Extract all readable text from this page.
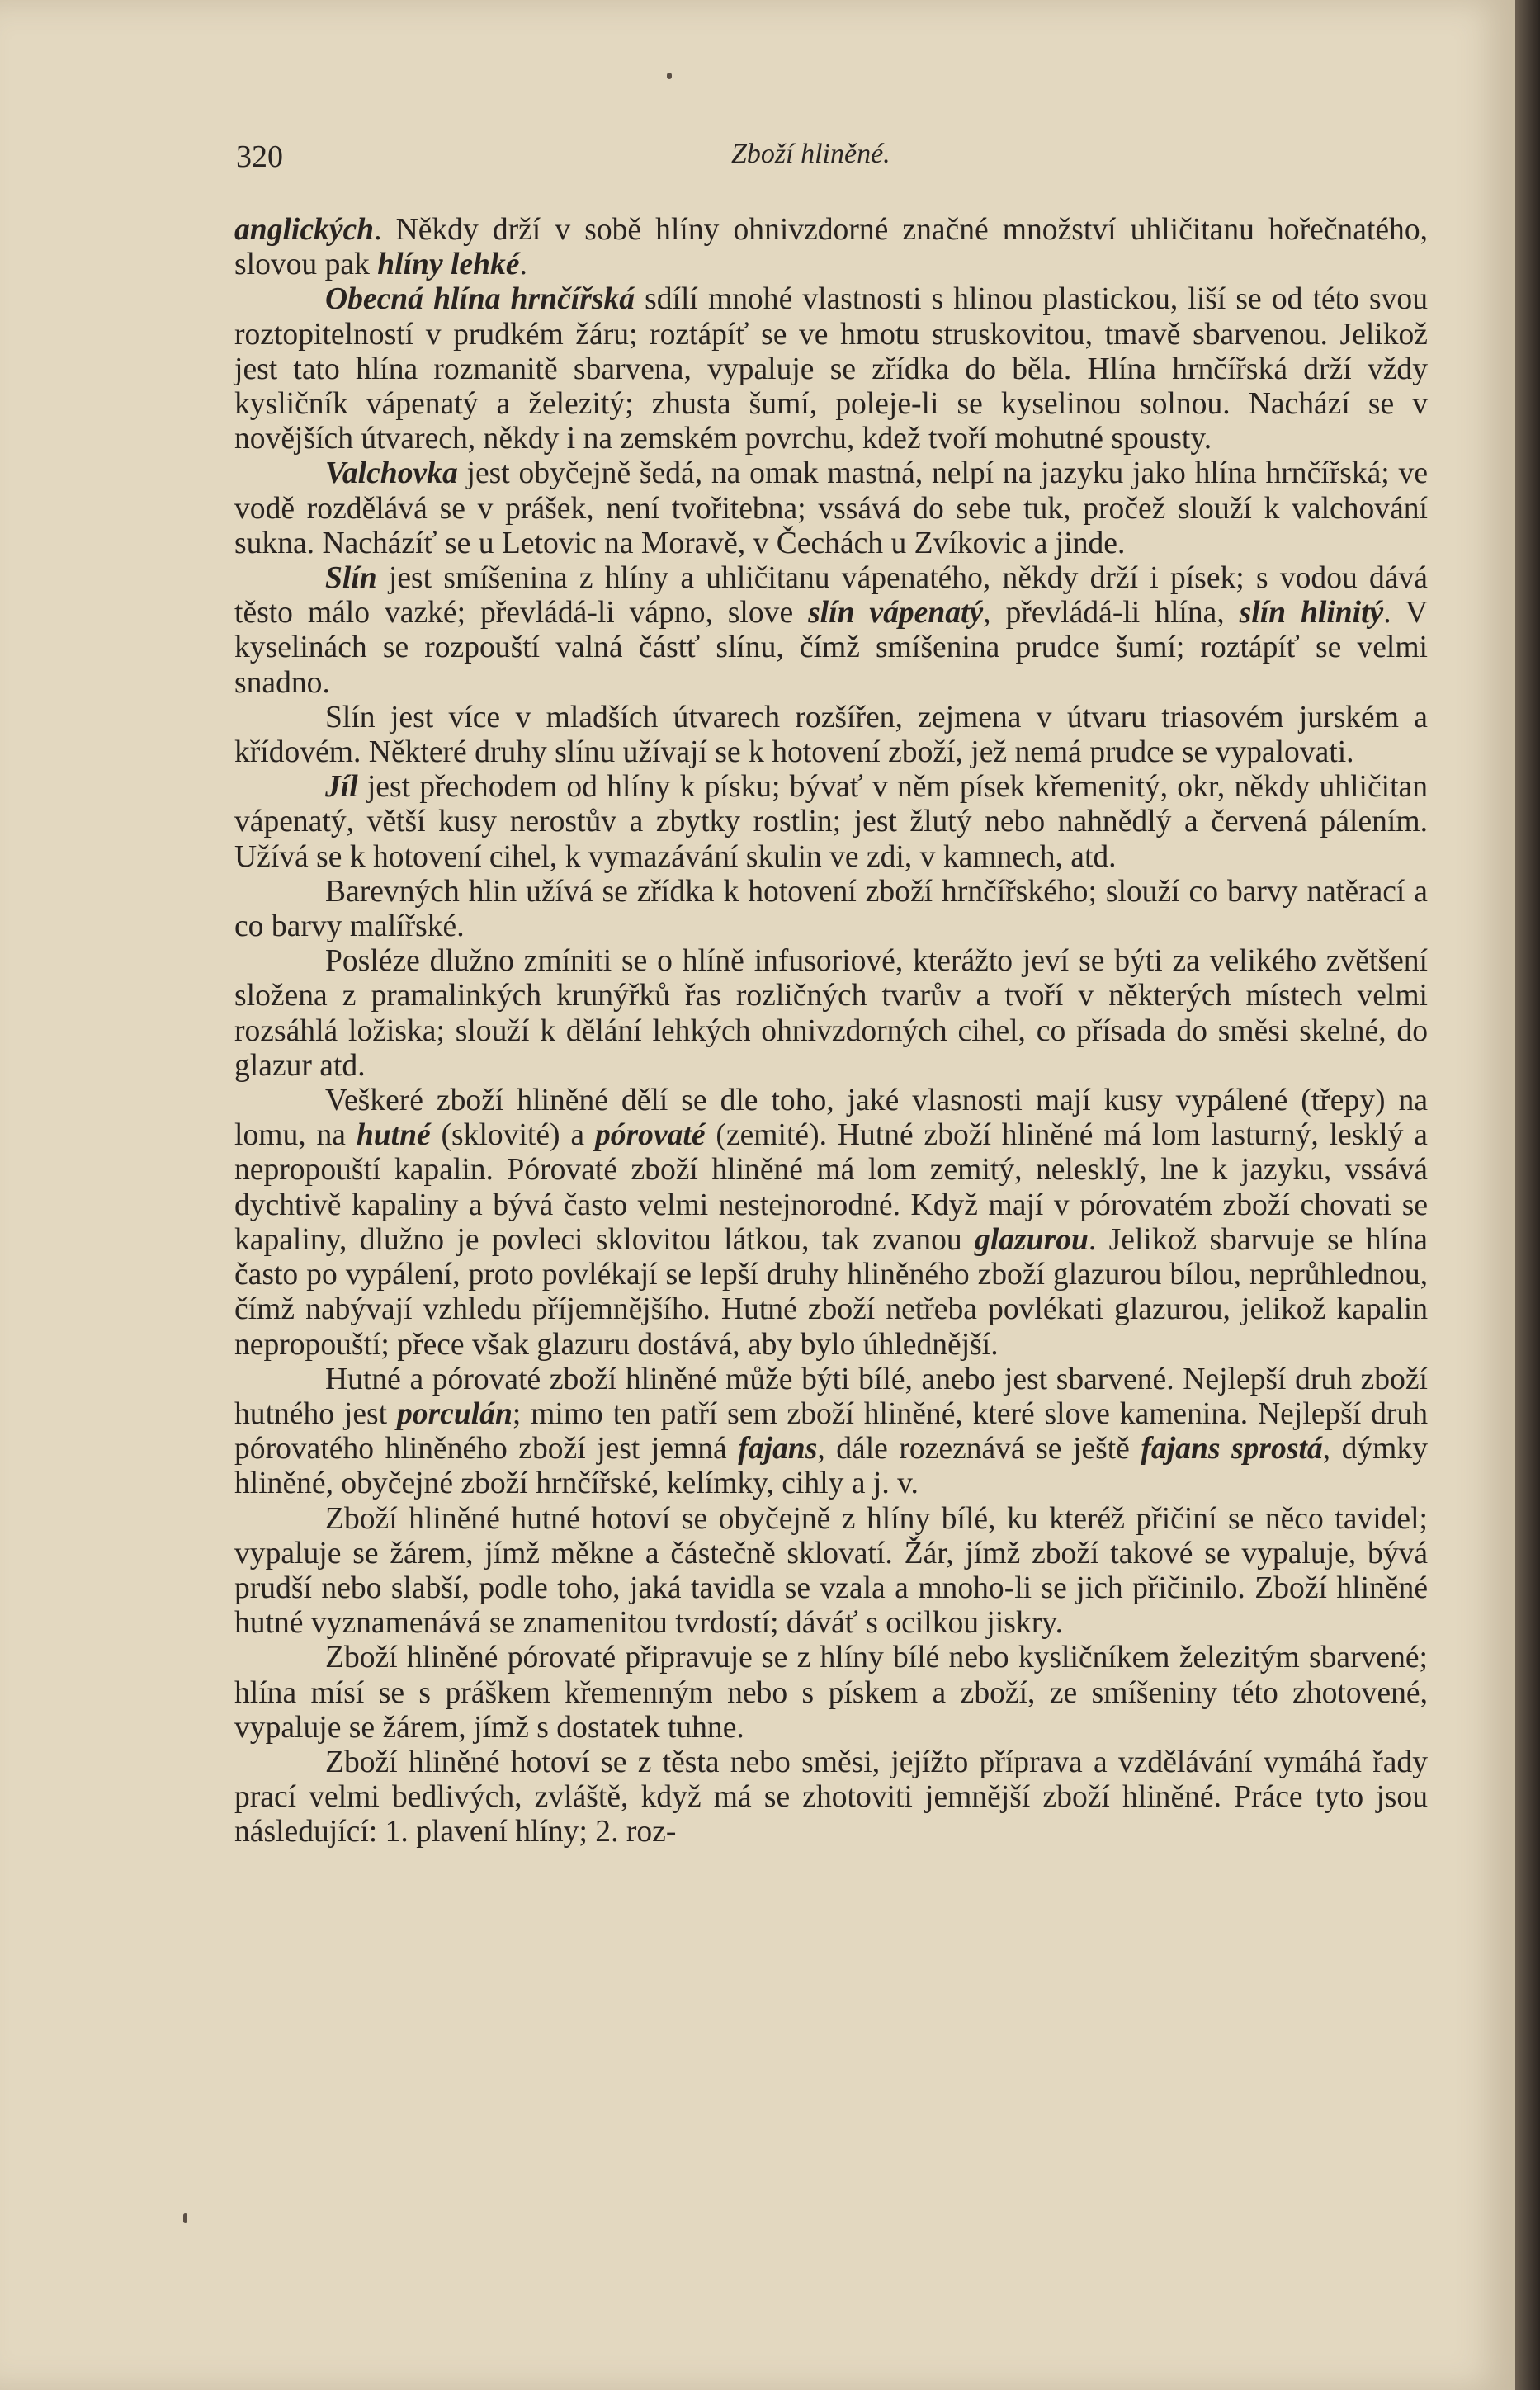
320	Zboží hliněné.

anglických. Někdy drží v sobě hlíny ohnivzdorné značné množství uhličitanu hořečnatého, slovou pak hlíny lehké.

Obecná hlína hrnčířská sdílí mnohé vlastnosti s hlinou plastickou, liší se od této svou roztopitelností v prudkém žáru; roztápíť se ve hmotu struskovitou, tmavě sbarvenou. Jelikož jest tato hlína rozmanitě sbarvena, vypaluje se zřídka do běla. Hlína hrnčířská drží vždy kysličník vápenatý a železitý; zhusta šumí, poleje-li se kyselinou solnou. Nachází se v novějších útvarech, někdy i na zemském povrchu, kdež tvoří mohutné spousty.

Valchovka jest obyčejně šedá, na omak mastná, nelpí na jazyku jako hlína hrnčířská; ve vodě rozdělává se v prášek, není tvořitebna; vssává do sebe tuk, pročež slouží k valchování sukna. Nacházíť se u Letovic na Moravě, v Čechách u Zvíkovic a jinde.

Slín jest smíšenina z hlíny a uhličitanu vápenatého, někdy drží i písek; s vodou dává těsto málo vazké; převládá-li vápno, slove slín vápenatý, převládá-li hlína, slín hlinitý. V kyselinách se rozpouští valná částť slínu, čímž smíšenina prudce šumí; roztápíť se velmi snadno.

Slín jest více v mladších útvarech rozšířen, zejmena v útvaru triasovém jurském a křídovém. Některé druhy slínu užívají se k hotovení zboží, jež nemá prudce se vypalovati.

Jíl jest přechodem od hlíny k písku; bývať v něm písek křemenitý, okr, někdy uhličitan vápenatý, větší kusy nerostův a zbytky rostlin; jest žlutý nebo nahnědlý a červená pálením. Užívá se k hotovení cihel, k vymazávání skulin ve zdi, v kamnech, atd.

Barevných hlin užívá se zřídka k hotovení zboží hrnčířského; slouží co barvy natěrací a co barvy malířské.

Posléze dlužno zmíniti se o hlíně infusoriové, kterážto jeví se býti za velikého zvětšení složena z pramalinkých krunýřků řas rozličných tvarův a tvoří v některých místech velmi rozsáhlá ložiska; slouží k dělání lehkých ohnivzdorných cihel, co přísada do směsi skelné, do glazur atd.

Veškeré zboží hliněné dělí se dle toho, jaké vlasnosti mají kusy vypálené (třepy) na lomu, na hutné (sklovité) a pórovaté (zemité). Hutné zboží hliněné má lom lasturný, lesklý a nepropouští kapalin. Pórovaté zboží hliněné má lom zemitý, nelesklý, lne k jazyku, vssává dychtivě kapaliny a bývá často velmi nestejnorodné. Když mají v pórovatém zboží chovati se kapaliny, dlužno je povleci sklovitou látkou, tak zvanou glazurou. Jelikož sbarvuje se hlína často po vypálení, proto povlékají se lepší druhy hliněného zboží glazurou bílou, neprůhlednou, čímž nabývají vzhledu příjemnějšího. Hutné zboží netřeba povlékati glazurou, jelikož kapalin nepropouští; přece však glazuru dostává, aby bylo úhlednější.

Hutné a pórovaté zboží hliněné může býti bílé, anebo jest sbarvené. Nejlepší druh zboží hutného jest porculán; mimo ten patří sem zboží hliněné, které slove kamenina. Nejlepší druh pórovatého hliněného zboží jest jemná fajans, dále rozeznává se ještě fajans sprostá, dýmky hliněné, obyčejné zboží hrnčířské, kelímky, cihly a j. v.

Zboží hliněné hutné hotoví se obyčejně z hlíny bílé, ku kteréž přičiní se něco tavidel; vypaluje se žárem, jímž měkne a částečně sklovatí. Žár, jímž zboží takové se vypaluje, bývá prudší nebo slabší, podle toho, jaká tavidla se vzala a mnoho-li se jich přičinilo. Zboží hliněné hutné vyznamenává se znamenitou tvrdostí; dáváť s ocilkou jiskry.

Zboží hliněné pórovaté připravuje se z hlíny bílé nebo kysličníkem železitým sbarvené; hlína mísí se s práškem křemenným nebo s pískem a zboží, ze smíšeniny této zhotovené, vypaluje se žárem, jímž s dostatek tuhne.

Zboží hliněné hotoví se z těsta nebo směsi, jejížto příprava a vzdělávání vymáhá řady prací velmi bedlivých, zvláště, když má se zhotoviti jemnější zboží hliněné. Práce tyto jsou následující: 1. plavení hlíny; 2. roz-
